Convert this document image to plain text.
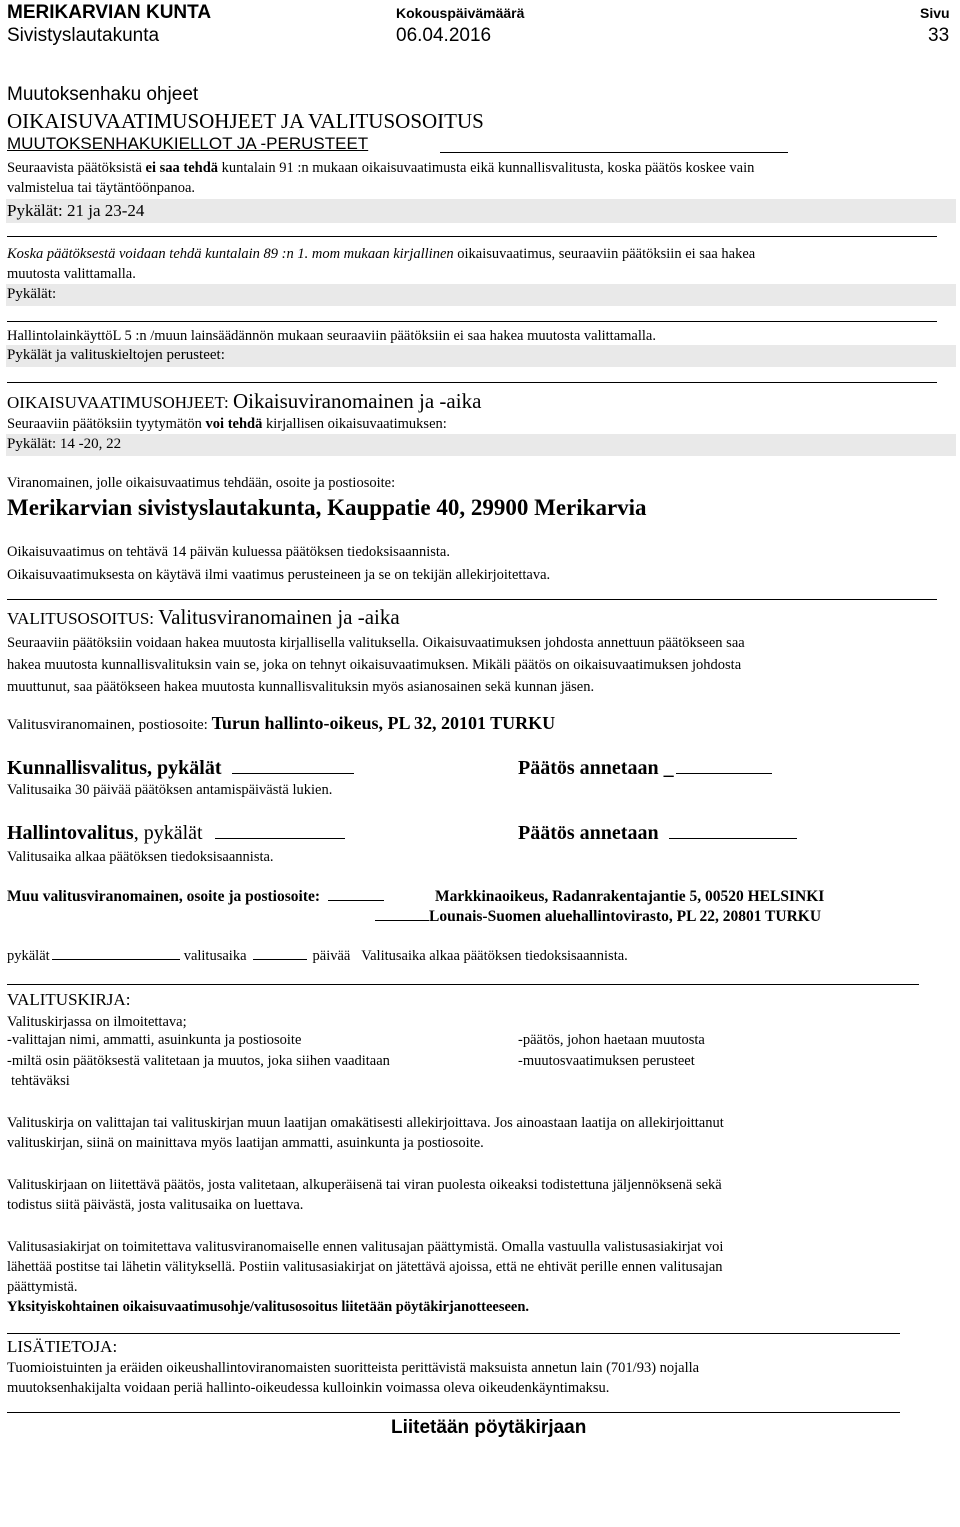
MERIKARVIAN KUNTA	Kokouspäivämäärä	Sivu
Sivistyslautakunta	06.04.2016	33
Muutoksenhaku ohjeet
OIKAISUVAATIMUSOHJEET JA VALITUSOSOITUS
MUUTOKSENHAKUKIELLOT JA -PERUSTEET
Seuraavista päätöksistä ei saa tehdä kuntalain 91 :n mukaan oikaisuvaatimusta eikä kunnallisvalitusta, koska päätös koskee vain
valmistelua tai täytäntöönpanoa.
Pykälät: 21 ja 23-24
Koska päätöksestä voidaan tehdä kuntalain 89 :n 1. mom mukaan kirjallinen oikaisuvaatimus, seuraaviin päätöksiin ei saa hakea
muutosta valittamalla.
Pykälät:
HallintolainkäyttöL 5 :n /muun lainsäädännön mukaan seuraaviin päätöksiin ei saa hakea muutosta valittamalla.
Pykälät ja valituskieltojen perusteet:
OIKAISUVAATIMUSOHJEET: Oikaisuviranomainen ja -aika
Seuraaviin päätöksiin tyytymätön voi tehdä kirjallisen oikaisuvaatimuksen:
Pykälät: 14 -20, 22
Viranomainen, jolle oikaisuvaatimus tehdään, osoite ja postiosoite:
Merikarvian sivistyslautakunta, Kauppatie 40, 29900 Merikarvia
Oikaisuvaatimus on tehtävä 14 päivän kuluessa päätöksen tiedoksisaannista.
Oikaisuvaatimuksesta on käytävä ilmi vaatimus perusteineen ja se on tekijän allekirjoitettava.
VALITUSOSOITUS: Valitusviranomainen ja -aika
Seuraaviin päätöksiin voidaan hakea muutosta kirjallisella valituksella. Oikaisuvaatimuksen johdosta annettuun päätökseen saa
hakea muutosta kunnallisvalituksin vain se, joka on tehnyt oikaisuvaatimuksen. Mikäli päätös on oikaisuvaatimuksen johdosta
muuttunut, saa päätökseen hakea muutosta kunnallisvalituksin myös asianosainen sekä kunnan jäsen.
Valitusviranomainen, postiosoite: Turun hallinto-oikeus, PL 32, 20101 TURKU
Kunnallisvalitus, pykälät	Päätös annetaan _
Valitusaika 30 päivää päätöksen antamispäivästä lukien.
Hallintovalitus, pykälät	Päätös annetaan
Valitusaika alkaa päätöksen tiedoksisaannista.
Muu valitusviranomainen, osoite ja postiosoite:	Markkinaoikeus, Radanrakentajantie 5, 00520 HELSINKI
Lounais-Suomen aluehallintovirasto, PL 22, 20801 TURKU
pykälät	valitusaika	päivää Valitusaika alkaa päätöksen tiedoksisaannista.
VALITUSKIRJA:
Valituskirjassa on ilmoitettava;
-valittajan nimi, ammatti, asuinkunta ja postiosoite	-päätös, johon haetaan muutosta
-miltä osin päätöksestä valitetaan ja muutos, joka siihen vaaditaan	-muutosvaatimuksen perusteet
tehtäväksi
Valituskirja on valittajan tai valituskirjan muun laatijan omakätisesti allekirjoittava. Jos ainoastaan laatija on allekirjoittanut
valituskirjan, siinä on mainittava myös laatijan ammatti, asuinkunta ja postiosoite.
Valituskirjaan on liitettävä päätös, josta valitetaan, alkuperäisenä tai viran puolesta oikeaksi todistettuna jäljennöksenä sekä
todistus siitä päivästä, josta valitusaika on luettava.
Valitusasiakirjat on toimitettava valitusviranomaiselle ennen valitusajan päättymistä. Omalla vastuulla valistusasiakirjat voi
lähettää postitse tai lähetin välityksellä. Postiin valitusasiakirjat on jätettävä ajoissa, että ne ehtivät perille ennen valitusajan
päättymistä.
Yksityiskohtainen oikaisuvaatimusohje/valitusosoitus liitetään pöytäkirjanotteeseen.
LISÄTIETOJA:
Tuomioistuinten ja eräiden oikeushallintoviranomaisten suoritteista perittävistä maksuista annetun lain (701/93) nojalla
muutoksenhakijalta voidaan periä hallinto-oikeudessa kulloinkin voimassa oleva oikeudenkäyntimaksu.
Liitetään pöytäkirjaan
